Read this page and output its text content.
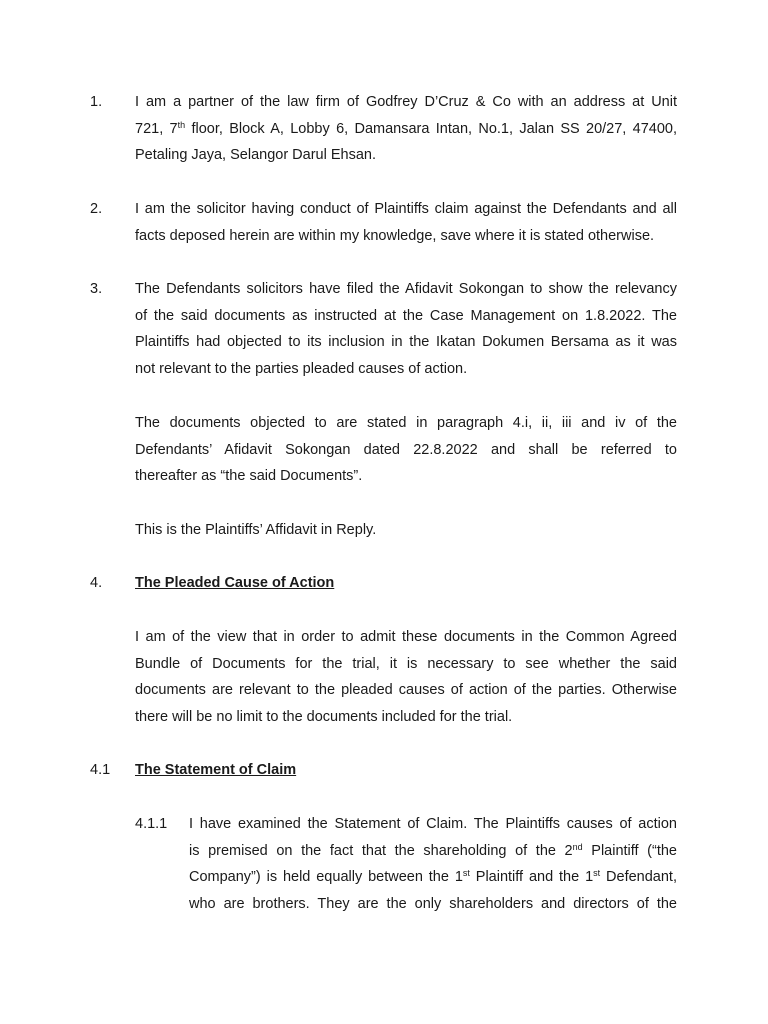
1. I am a partner of the law firm of Godfrey D’Cruz & Co with an address at Unit
721, 7th floor, Block A, Lobby 6, Damansara Intan, No.1, Jalan SS 20/27, 47400,
Petaling Jaya, Selangor Darul Ehsan.
2. I am the solicitor having conduct of Plaintiffs claim against the Defendants and all
facts deposed herein are within my knowledge, save where it is stated otherwise.
3. The Defendants solicitors have filed the Afidavit Sokongan to show the relevancy
of the said documents as instructed at the Case Management on 1.8.2022. The
Plaintiffs had objected to its inclusion in the Ikatan Dokumen Bersama as it was
not relevant to the parties pleaded causes of action.
The documents objected to are stated in paragraph 4.i, ii, iii and iv of the
Defendants’ Afidavit Sokongan dated 22.8.2022 and shall be referred to
thereafter as “the said Documents”.
This is the Plaintiffs’ Affidavit in Reply.
4. The Pleaded Cause of Action
I am of the view that in order to admit these documents in the Common Agreed
Bundle of Documents for the trial, it is necessary to see whether the said
documents are relevant to the pleaded causes of action of the parties. Otherwise
there will be no limit to the documents included for the trial.
4.1 The Statement of Claim
4.1.1 I have examined the Statement of Claim. The Plaintiffs causes of action
is premised on the fact that the shareholding of the 2nd Plaintiff (“the
Company”) is held equally between the 1st Plaintiff and the 1st Defendant,
who are brothers. They are the only shareholders and directors of the
